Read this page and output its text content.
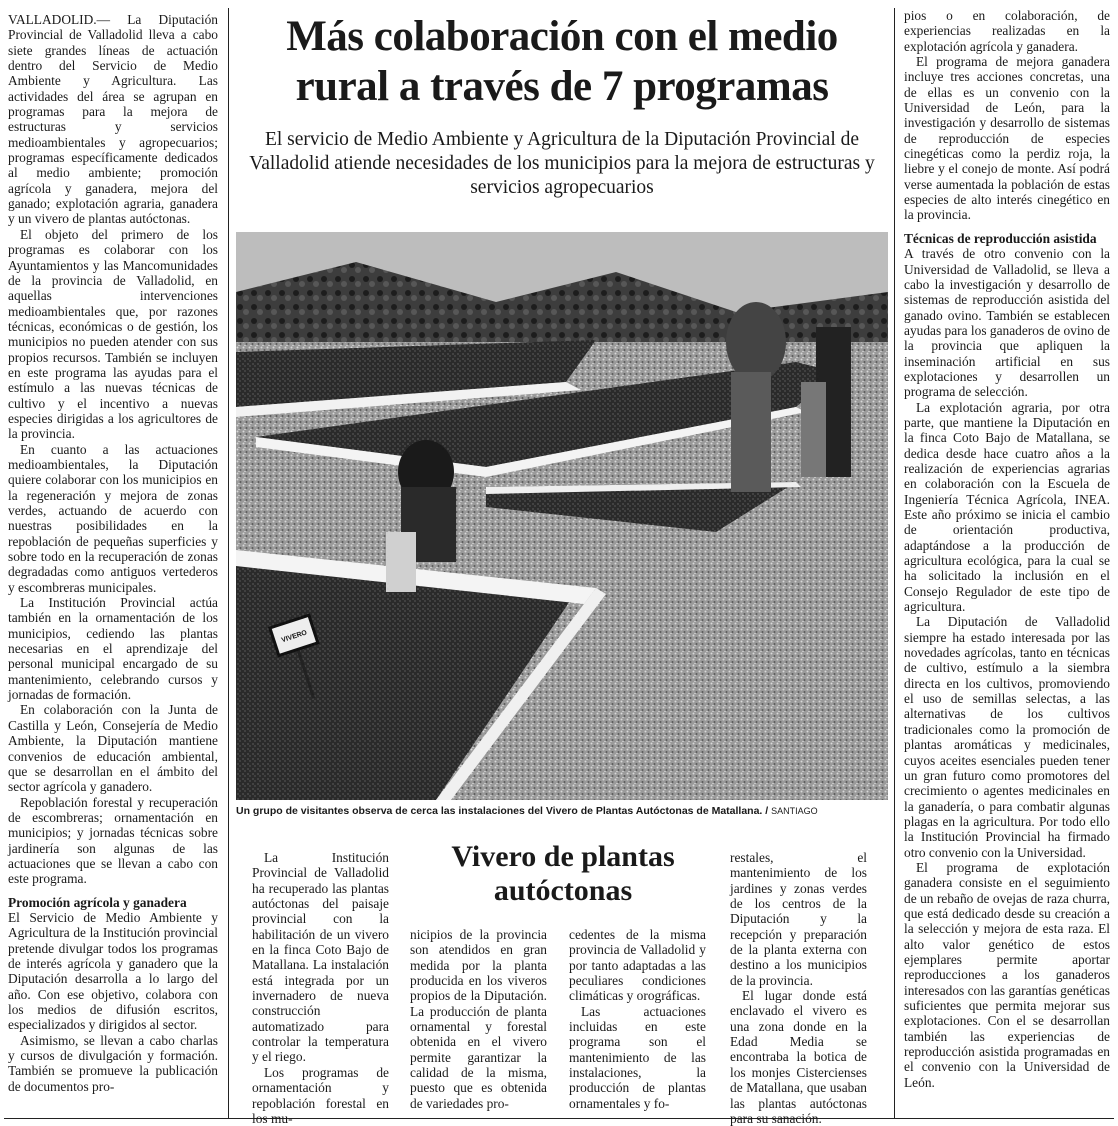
Más colaboración con el medio rural a través de 7 programas
El servicio de Medio Ambiente y Agricultura de la Diputación Provincial de Valladolid atiende necesidades de los municipios para la mejora de estructuras y servicios agropecuarios

VALLADOLID.— La Diputación Provincial de Valladolid lleva a cabo siete grandes líneas de actuación dentro del Servicio de Medio Ambiente y Agricultura. Las actividades del área se agrupan en programas para la mejora de estructuras y servicios medioambientales y agropecuarios; programas específicamente dedicados al medio ambiente; promoción agrícola y ganadera, mejora del ganado; explotación agraria, ganadera y un vivero de plantas autóctonas.

El objeto del primero de los programas es colaborar con los Ayuntamientos y las Mancomunidades de la provincia de Valladolid, en aquellas intervenciones medioambientales que, por razones técnicas, económicas o de gestión, los municipios no pueden atender con sus propios recursos. También se incluyen en este programa las ayudas para el estímulo a las nuevas técnicas de cultivo y el incentivo a nuevas especies dirigidas a los agricultores de la provincia.

En cuanto a las actuaciones medioambientales, la Diputación quiere colaborar con los municipios en la regeneración y mejora de zonas verdes, actuando de acuerdo con nuestras posibilidades en la repoblación de pequeñas superficies y sobre todo en la recuperación de zonas degradadas como antiguos vertederos y escombreras municipales.

La Institución Provincial actúa también en la ornamentación de los municipios, cediendo las plantas necesarias en el aprendizaje del personal municipal encargado de su mantenimiento, celebrando cursos y jornadas de formación.

En colaboración con la Junta de Castilla y León, Consejería de Medio Ambiente, la Diputación mantiene convenios de educación ambiental, que se desarrollan en el ámbito del sector agrícola y ganadero.

Repoblación forestal y recuperación de escombreras; ornamentación en municipios; y jornadas técnicas sobre jardinería son algunas de las actuaciones que se llevan a cabo con este programa.

Promoción agrícola y ganadera

El Servicio de Medio Ambiente y Agricultura de la Institución provincial pretende divulgar todos los programas de interés agrícola y ganadero que la Diputación desarrolla a lo largo del año. Con ese objetivo, colabora con los medios de difusión escritos, especializados y dirigidos al sector.

Asimismo, se llevan a cabo charlas y cursos de divulgación y formación. También se promueve la publicación de documentos pro-

VIVERO
Un grupo de visitantes observa de cerca las instalaciones del Vivero de Plantas Autóctonas de Matallana. / SANTIAGO
Vivero de plantas autóctonas

La Institución Provincial de Valladolid ha recuperado las plantas autóctonas del paisaje provincial con la habilitación de un vivero en la finca Coto Bajo de Matallana. La instalación está integrada por un invernadero de nueva construcción automatizado para controlar la temperatura y el riego.

Los programas de ornamentación y repoblación forestal en los mu-

nicipios de la provincia son atendidos en gran medida por la planta producida en los viveros propios de la Diputación. La producción de planta ornamental y forestal obtenida en el vivero permite garantizar la calidad de la misma, puesto que es obtenida de variedades pro-

cedentes de la misma provincia de Valladolid y por tanto adaptadas a las peculiares condiciones climáticas y orográficas.

Las actuaciones incluidas en este programa son el mantenimiento de las instalaciones, la producción de plantas ornamentales y fo-

restales, el mantenimiento de los jardines y zonas verdes de los centros de la Diputación y la recepción y preparación de la planta externa con destino a los municipios de la provincia.

El lugar donde está enclavado el vivero es una zona donde en la Edad Media se encontraba la botica de los monjes Cistercienses de Matallana, que usaban las plantas autóctonas para su sanación.

pios o en colaboración, de experiencias realizadas en la explotación agrícola y ganadera.

El programa de mejora ganadera incluye tres acciones concretas, una de ellas es un convenio con la Universidad de León, para la investigación y desarrollo de sistemas de reproducción de especies cinegéticas como la perdiz roja, la liebre y el conejo de monte. Así podrá verse aumentada la población de estas especies de alto interés cinegético en la provincia.

Técnicas de reproducción asistida

A través de otro convenio con la Universidad de Valladolid, se lleva a cabo la investigación y desarrollo de sistemas de reproducción asistida del ganado ovino. También se establecen ayudas para los ganaderos de ovino de la provincia que apliquen la inseminación artificial en sus explotaciones y desarrollen un programa de selección.

La explotación agraria, por otra parte, que mantiene la Diputación en la finca Coto Bajo de Matallana, se dedica desde hace cuatro años a la realización de experiencias agrarias en colaboración con la Escuela de Ingeniería Técnica Agrícola, INEA. Este año próximo se inicia el cambio de orientación productiva, adaptándose a la producción de agricultura ecológica, para la cual se ha solicitado la inclusión en el Consejo Regulador de este tipo de agricultura.

La Diputación de Valladolid siempre ha estado interesada por las novedades agrícolas, tanto en técnicas de cultivo, estímulo a la siembra directa en los cultivos, promoviendo el uso de semillas selectas, a las alternativas de los cultivos tradicionales como la promoción de plantas aromáticas y medicinales, cuyos aceites esenciales pueden tener un gran futuro como promotores del crecimiento o agentes medicinales en la ganadería, o para combatir algunas plagas en la agricultura. Por todo ello la Institución Provincial ha firmado otro convenio con la Universidad.

El programa de explotación ganadera consiste en el seguimiento de un rebaño de ovejas de raza churra, que está dedicado desde su creación a la selección y mejora de esta raza. El alto valor genético de estos ejemplares permite aportar reproducciones a los ganaderos interesados con las garantías genéticas suficientes que permita mejorar sus explotaciones. Con el se desarrollan también las experiencias de reproducción asistida programadas en el convenio con la Universidad de León.
